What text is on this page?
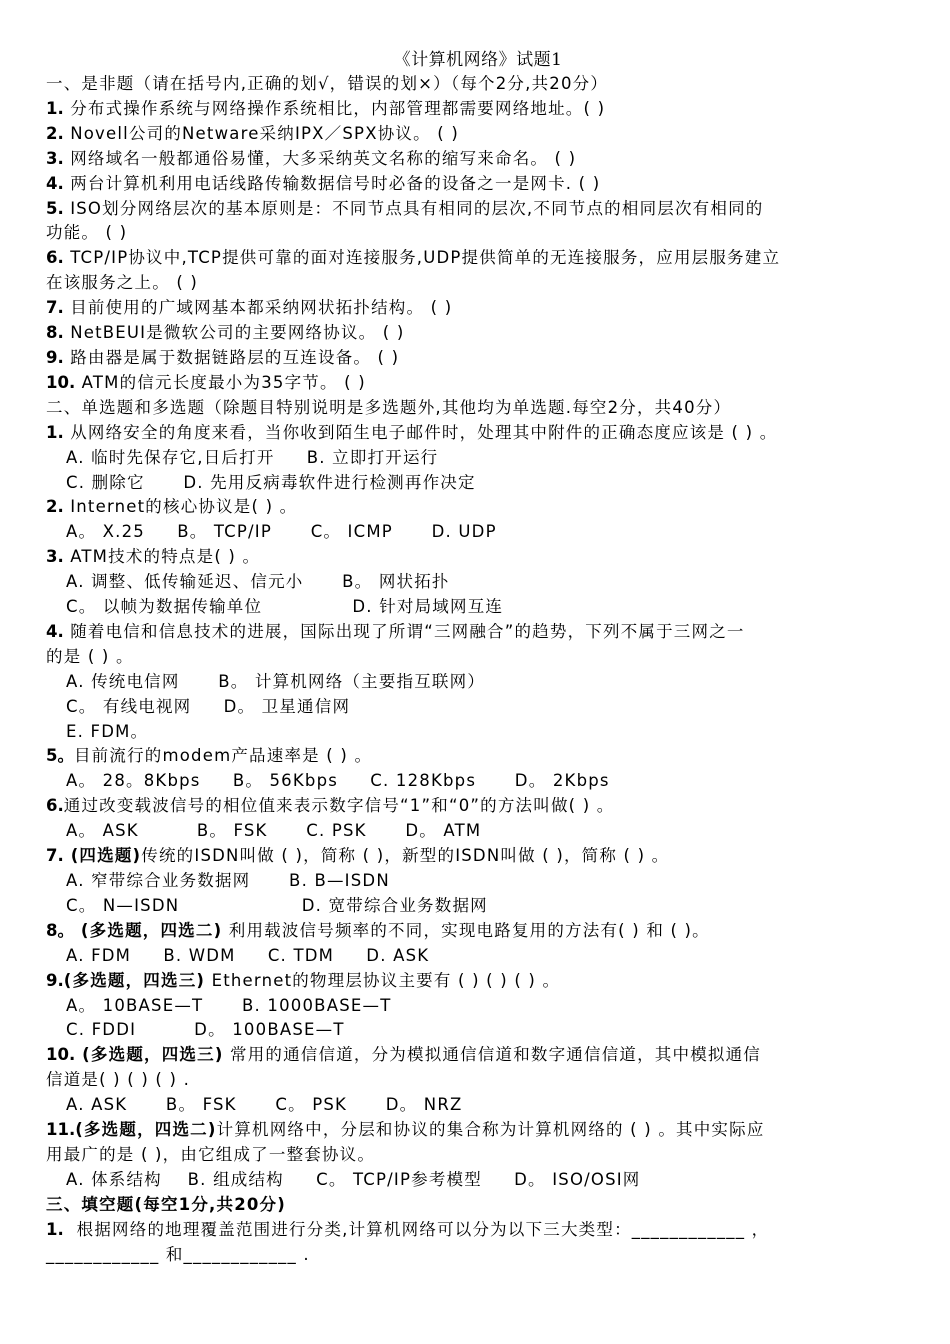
《计算机网络》试题1
一、是非题（请在括号内,正确的划√，错误的划×）（每个2分,共20分）
1. 分布式操作系统与网络操作系统相比，内部管理都需要网络地址。( )
2. Novell公司的Netware采纳IPX／SPX协议。 ( )
3. 网络域名一般都通俗易懂，大多采纳英文名称的缩写来命名。 ( )
4. 两台计算机利用电话线路传输数据信号时必备的设备之一是网卡. ( )
5. ISO划分网络层次的基本原则是：不同节点具有相同的层次,不同节点的相同层次有相同的
功能。 ( )
6. TCP/IP协议中,TCP提供可靠的面对连接服务,UDP提供简单的无连接服务，应用层服务建立
在该服务之上。 ( )
7. 目前使用的广域网基本都采纳网状拓扑结构。 ( )
8. NetBEUI是微软公司的主要网络协议。 ( )
9. 路由器是属于数据链路层的互连设备。 ( )
10. ATM的信元长度最小为35字节。 ( )
二、单选题和多选题（除题目特别说明是多选题外,其他均为单选题.每空2分，共40分）
1. 从网络安全的角度来看，当你收到陌生电子邮件时，处理其中附件的正确态度应该是 ( ) 。
A. 临时先保存它,日后打开     B. 立即打开运行
C. 删除它      D. 先用反病毒软件进行检测再作决定
2. Internet的核心协议是( ) 。
A。 X.25     B。 TCP/IP      C。 ICMP      D. UDP
3. ATM技术的特点是( ) 。
A. 调整、低传输延迟、信元小      B。 网状拓扑
C。 以帧为数据传输单位              D. 针对局域网互连
4. 随着电信和信息技术的进展，国际出现了所谓“三网融合”的趋势，下列不属于三网之一
的是 ( ) 。
A. 传统电信网      B。 计算机网络（主要指互联网）
C。 有线电视网     D。 卫星通信网
E. FDM。
5。目前流行的modem产品速率是 ( ) 。
A。 28。8Kbps     B。 56Kbps     C. 128Kbps      D。 2Kbps
6.通过改变载波信号的相位值来表示数字信号“1”和“0”的方法叫做( ) 。
A。 ASK         B。 FSK      C. PSK      D。 ATM
7. (四选题)传统的ISDN叫做 ( )，简称 ( )，新型的ISDN叫做 ( )，简称 ( ) 。
A. 窄带综合业务数据网      B. B—ISDN
C。 N—ISDN                   D. 宽带综合业务数据网
8。 (多选题，四选二) 利用载波信号频率的不同，实现电路复用的方法有( ) 和 ( )。
A. FDM     B. WDM     C. TDM     D. ASK
9.(多选题，四选三) Ethernet的物理层协议主要有 ( ) ( ) ( ) 。
A。 10BASE—T      B. 1000BASE—T
C. FDDI         D。 100BASE—T
10. (多选题，四选三) 常用的通信信道，分为模拟通信信道和数字通信信道，其中模拟通信
信道是( ) ( ) ( ) .
A. ASK      B。 FSK      C。 PSK      D。 NRZ
11.(多选题，四选二)计算机网络中，分层和协议的集合称为计算机网络的 ( ) 。其中实际应
用最广的是 ( )，由它组成了一整套协议。
A. 体系结构    B. 组成结构     C。 TCP/IP参考模型     D。 ISO/OSI网
三、填空题(每空1分,共20分)
1.  根据网络的地理覆盖范围进行分类,计算机网络可以分为以下三大类型：____________ ，
____________ 和____________ .
